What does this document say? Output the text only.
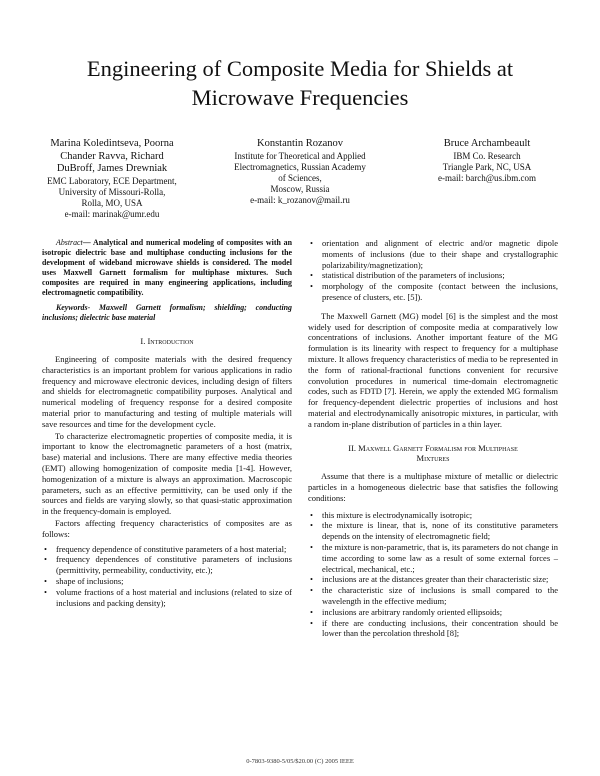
Engineering of Composite Media for Shields at
Microwave Frequencies
Marina Koledintseva, Poorna
Chander Ravva, Richard
DuBroff, James Drewniak
EMC Laboratory, ECE Department,
University of Missouri-Rolla,
Rolla, MO, USA
e-mail: marinak@umr.edu
Konstantin Rozanov
Institute for Theoretical and Applied
Electromagnetics, Russian Academy
of Sciences,
Moscow, Russia
e-mail: k_rozanov@mail.ru
Bruce Archambeault
IBM Co. Research
Triangle Park, NC, USA
e-mail: barch@us.ibm.com

Abstract— Analytical and numerical modeling of composites with an isotropic dielectric base and multiphase conducting inclusions for the development of wideband microwave shields is considered. The model uses Maxwell Garnett formalism for multiphase mixtures. Such composites are required in many engineering applications, including electromagnetic compatibility.

Keywords- Maxwell Garnett formalism; shielding; conducting inclusions; dielectric base material

I. Introduction

Engineering of composite materials with the desired frequency characteristics is an important problem for various applications in radio frequency and microwave electronic devices, including design of filters and shields for electromagnetic compatibility purposes. Analytical and numerical modeling of frequency response for a desired composite material prior to manufacturing and testing of multiple materials will save resources and time for the development cycle.

To characterize electromagnetic properties of composite media, it is important to know the electromagnetic parameters of a host (matrix, base) material and inclusions. There are many effective media theories (EMT) allowing homogenization of composite media [1-4]. However, homogenization of a mixture is always an approximation. Macroscopic parameters, such as an effective permittivity, can be used only if the sources and fields are varying slowly, so that quasi-static approximation in the frequency-domain is employed.

Factors affecting frequency characteristics of composites are as follows:

• frequency dependence of constitutive parameters of a host material;
• frequency dependences of constitutive parameters of inclusions (permittivity, permeability, conductivity, etc.);
• shape of inclusions;
• volume fractions of a host material and inclusions (related to size of inclusions and packing density);
• orientation and alignment of electric and/or magnetic dipole moments of inclusions (due to their shape and crystallographic polarizability/magnetization);
• statistical distribution of the parameters of inclusions;
• morphology of the composite (contact between the inclusions, presence of clusters, etc. [5]).

The Maxwell Garnett (MG) model [6] is the simplest and the most widely used for description of composite media at comparatively low concentrations of inclusions. Another important feature of the MG formulation is its linearity with respect to frequency for a multiphase mixture. It allows frequency characteristics of media to be represented in the form of rational-fractional functions convenient for recursive convolution procedures in numerical time-domain electromagnetic codes, such as FDTD [7]. Herein, we apply the extended MG formalism for frequency-dependent dielectric properties of inclusions and host material and electrodynamically anisotropic mixtures, in particular, with a random in-plane distribution of particles in a thin layer.

II. Maxwell Garnett Formalism for Multiphase
Mixtures

Assume that there is a multiphase mixture of metallic or dielectric particles in a homogeneous dielectric base that satisfies the following conditions:

• this mixture is electrodynamically isotropic;
• the mixture is linear, that is, none of its constitutive parameters depends on the intensity of electromagnetic field;
• the mixture is non-parametric, that is, its parameters do not change in time according to some law as a result of some external forces – electrical, mechanical, etc.;
• inclusions are at the distances greater than their characteristic size;
• the characteristic size of inclusions is small compared to the wavelength in the effective medium;
• inclusions are arbitrary randomly oriented ellipsoids;
• if there are conducting inclusions, their concentration should be lower than the percolation threshold [8];
0-7803-9380-5/05/$20.00 (C) 2005 IEEE
